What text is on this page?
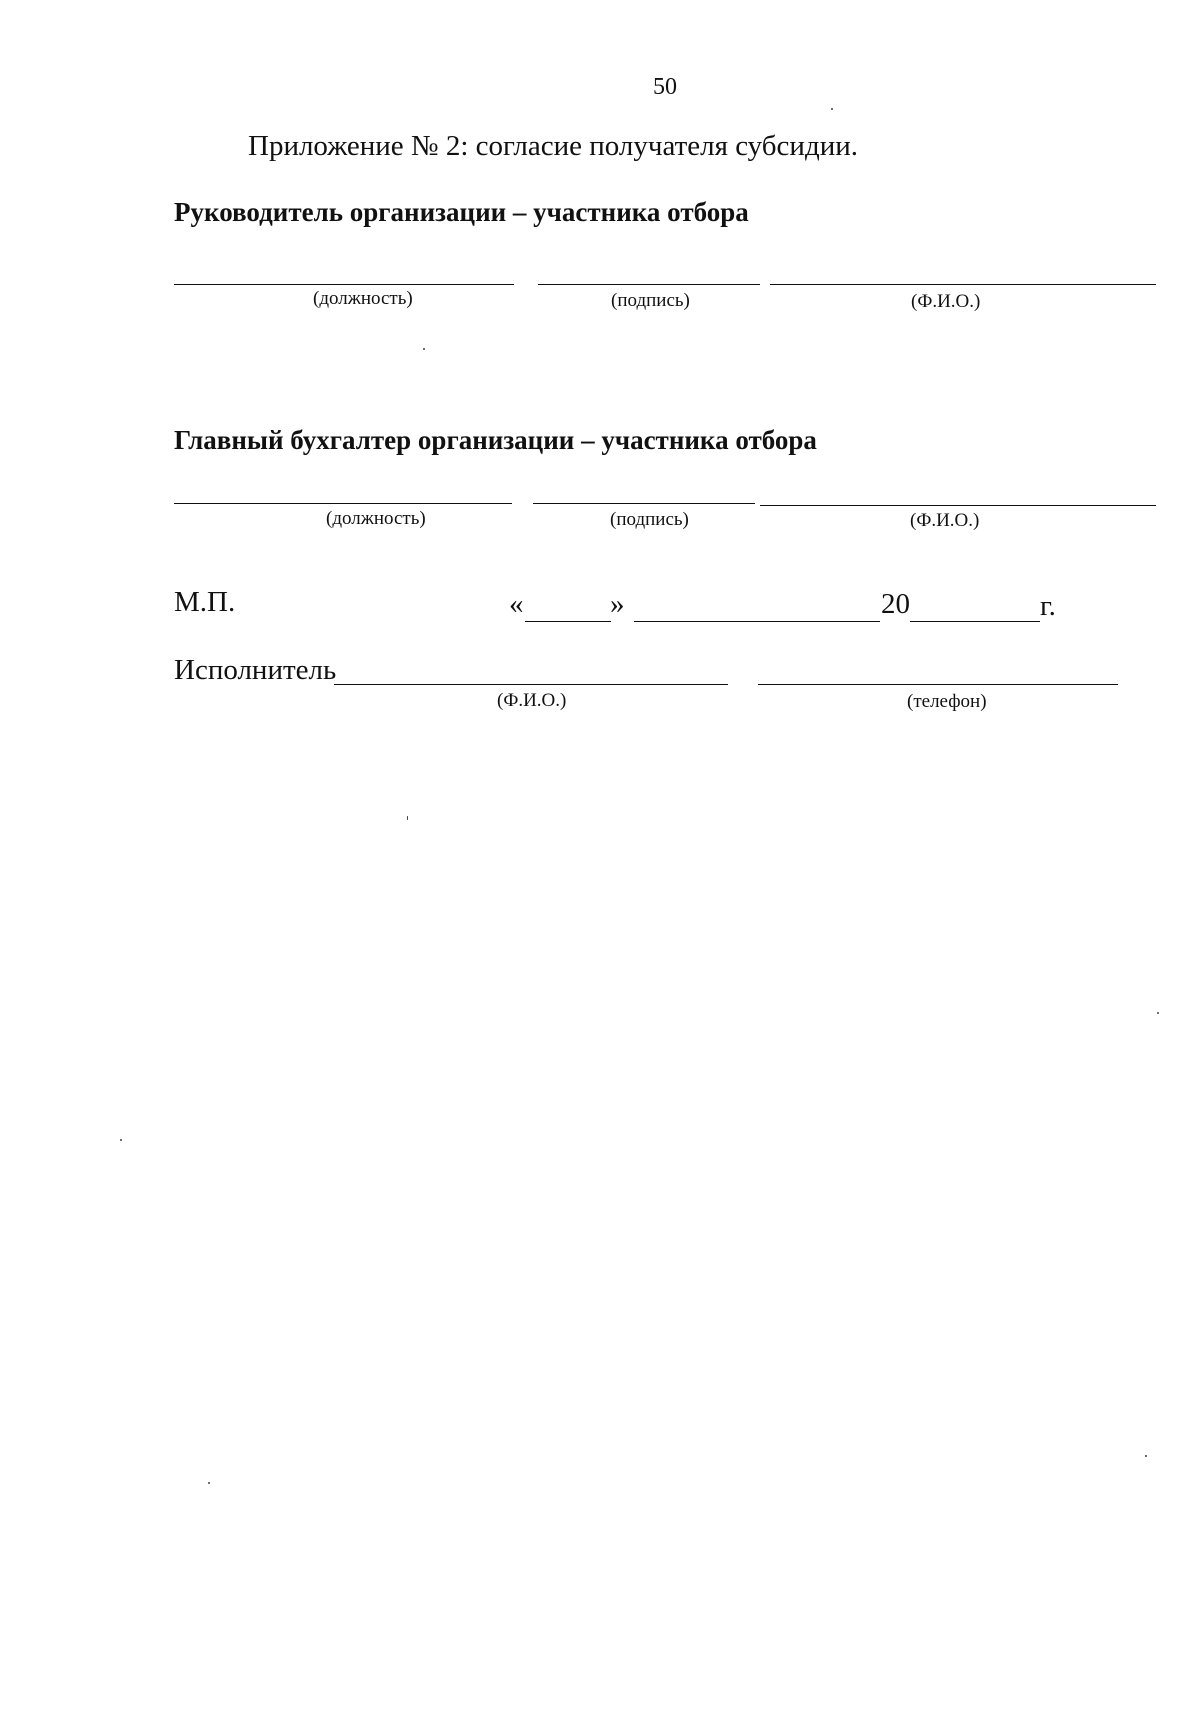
50
Приложение № 2: согласие получателя субсидии.
Руководитель организации – участника отбора
(должность)	(подпись)	(Ф.И.О.)
Главный бухгалтер организации – участника отбора
(должность)	(подпись)	(Ф.И.О.)
М.П.	«	»	20	г.
Исполнитель
(Ф.И.О.)	(телефон)
